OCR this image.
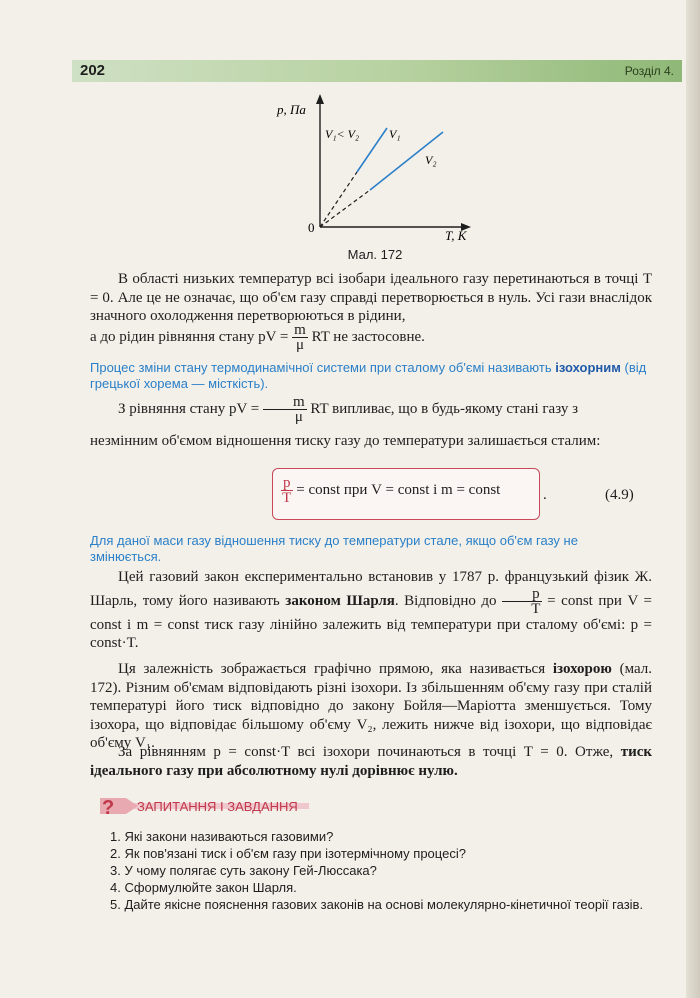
202	Розділ 4.
p, Па
V₁< V₂ V₁
V₂
0
T, K
Мал. 172
В області низьких температур всі ізобари ідеального газу перетинаються в точці T = 0. Але це не означає, що об'єм газу справді перетворюється в нуль. Усі гази внаслідок значного охолодження перетворюються в рідини,
а до рідин рівняння стану pV = $\frac{m}{\mu}$ RT не застосовне.
Процес зміни стану термодинамічної системи при сталому об'ємі називають ізохорним (від грецької хорема — місткість).
З рівняння стану pV = $\frac{m}{\mu}$ RT випливає, що в будь-якому стані газу з
незмінним об'ємом відношення тиску газу до температури залишається сталим:
$\frac{p}{T}$ = const при V = const і m = const	.	(4.9)
Для даної маси газу відношення тиску до температури стале, якщо об'єм газу не змінюється.
Цей газовий закон експериментально встановив у 1787 р. французький фізик Ж. Шарль, тому його називають законом Шарля. Відповідно до $\frac{p}{T}$ = const при V = const і m = const тиск газу лінійно залежить від температури при сталому об'ємі: p = const·T.
Ця залежність зображається графічно прямою, яка називається ізохорою (мал. 172). Різним об'ємам відповідають різні ізохори. Із збільшенням об'єму газу при сталій температурі його тиск відповідно до закону Бойля—Маріотта зменшується. Тому ізохора, що відповідає більшому об'єму V₂, лежить нижче від ізохори, що відповідає об'єму V₁.
За рівнянням p = const·T всі ізохори починаються в точці T = 0. Отже, тиск ідеального газу при абсолютному нулі дорівнює нулю.
? ЗАПИТАННЯ І ЗАВДАННЯ
1. Які закони називаються газовими?
2. Як пов'язані тиск і об'єм газу при ізотермічному процесі?
3. У чому полягає суть закону Гей-Люссака?
4. Сформулюйте закон Шарля.
5. Дайте якісне пояснення газових законів на основі молекулярно-кінетичної теорії газів.
